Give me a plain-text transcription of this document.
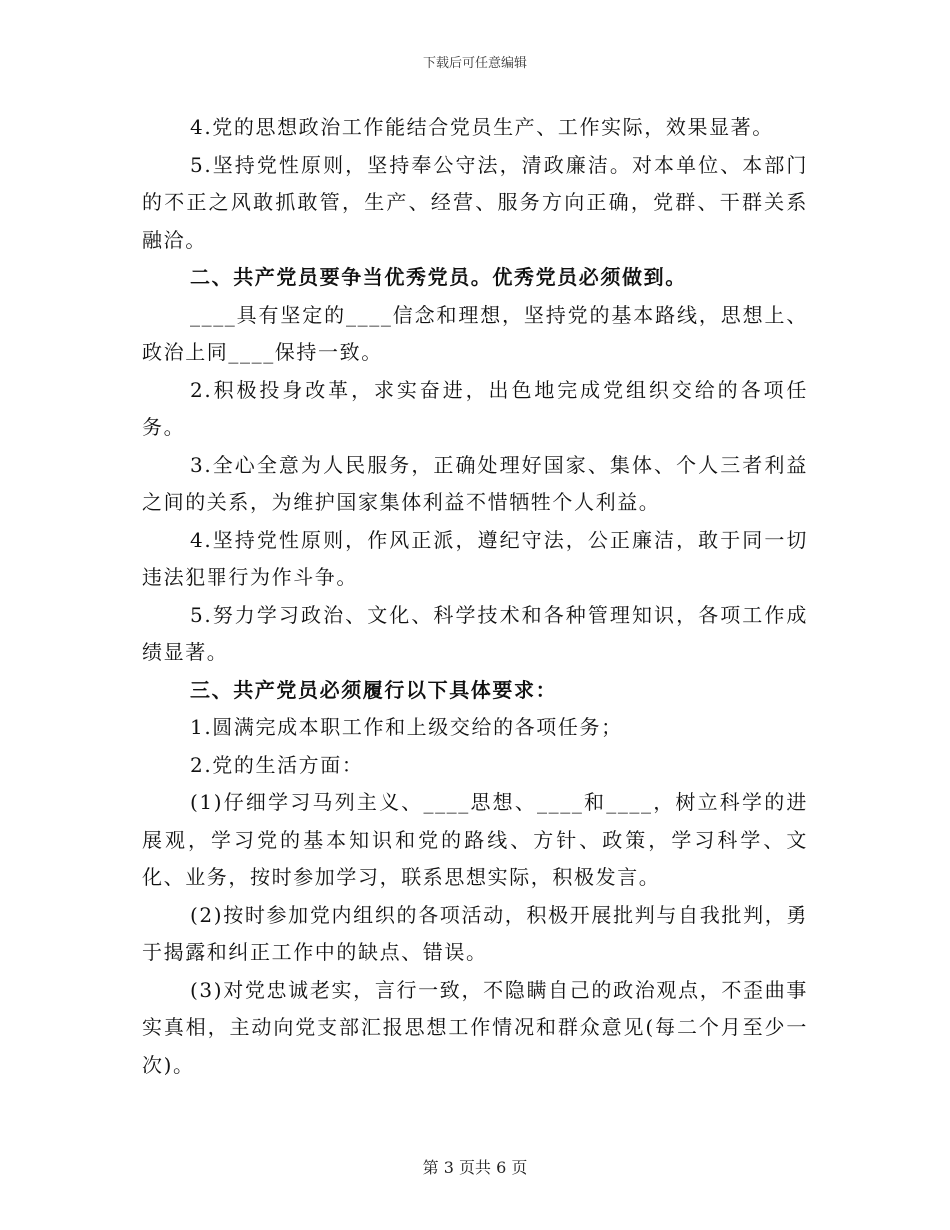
下载后可任意编辑

4.党的思想政治工作能结合党员生产、工作实际，效果显著。

5.坚持党性原则，坚持奉公守法，清政廉洁。对本单位、本部门的不正之风敢抓敢管，生产、经营、服务方向正确，党群、干群关系融洽。

二、共产党员要争当优秀党员。优秀党员必须做到。

____具有坚定的____信念和理想，坚持党的基本路线，思想上、政治上同____保持一致。

2.积极投身改革，求实奋进，出色地完成党组织交给的各项任务。

3.全心全意为人民服务，正确处理好国家、集体、个人三者利益之间的关系，为维护国家集体利益不惜牺牲个人利益。

4.坚持党性原则，作风正派，遵纪守法，公正廉洁，敢于同一切违法犯罪行为作斗争。

5.努力学习政治、文化、科学技术和各种管理知识，各项工作成绩显著。

三、共产党员必须履行以下具体要求：

1.圆满完成本职工作和上级交给的各项任务；

2.党的生活方面：

(1)仔细学习马列主义、____思想、____和____，树立科学的进展观，学习党的基本知识和党的路线、方针、政策，学习科学、文化、业务，按时参加学习，联系思想实际，积极发言。

(2)按时参加党内组织的各项活动，积极开展批判与自我批判，勇于揭露和纠正工作中的缺点、错误。

(3)对党忠诚老实，言行一致，不隐瞒自己的政治观点，不歪曲事实真相，主动向党支部汇报思想工作情况和群众意见(每二个月至少一次)。

第 3 页共 6 页
